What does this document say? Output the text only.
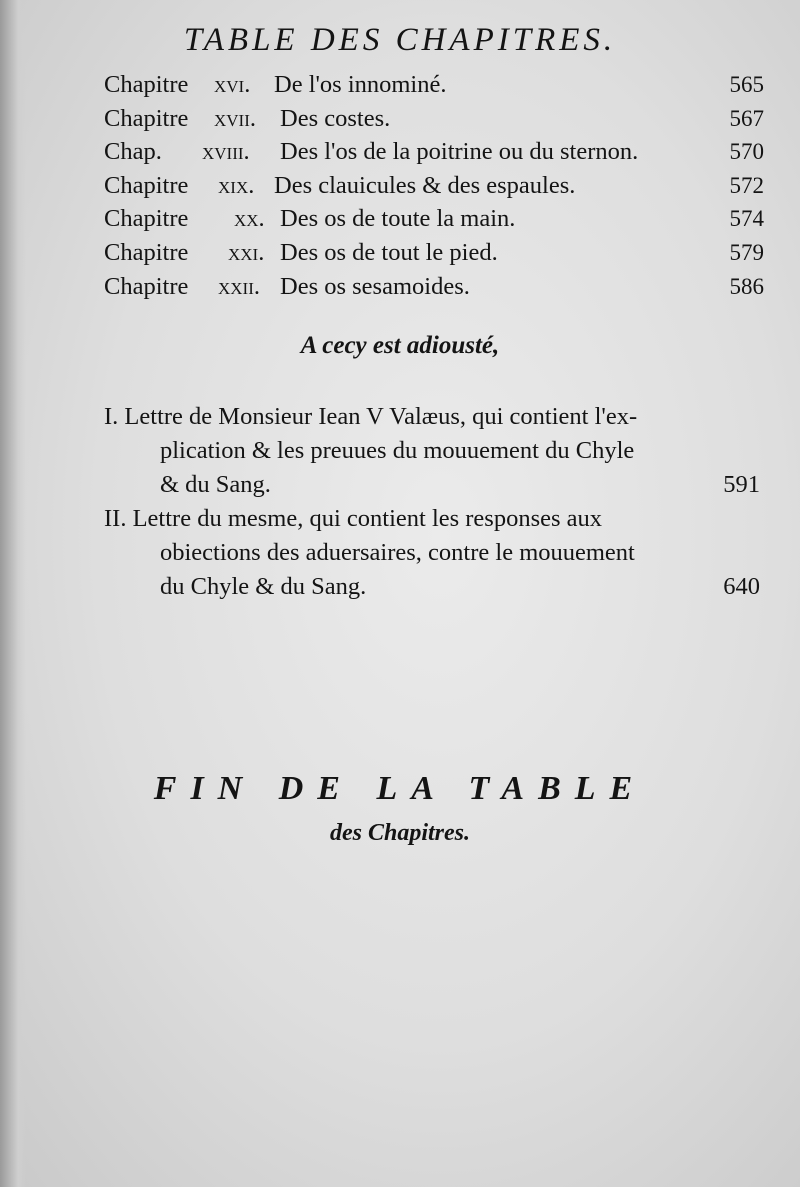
TABLE DES CHAPITRES.
Chapitre xvi. De l'os innominé.	565
Chapitre xvii. Des costes.	567
Chap. xviii. Des l'os de la poitrine ou du sternon.	570
Chapitre xix. Des clauicules & des espaules.	572
Chapitre xx. Des os de toute la main.	574
Chapitre xxi. Des os de tout le pied.	579
Chapitre xxii. Des os sesamoides.	586
A cecy est adiousté,
I. Lettre de Monsieur Iean V Valæus, qui contient l'ex-
plication & les preuues du mouuement du Chyle
& du Sang.	591
II. Lettre du mesme, qui contient les responses aux
obiections des aduersaires, contre le mouuement
du Chyle & du Sang.	640
FIN DE LA TABLE
des Chapitres.
